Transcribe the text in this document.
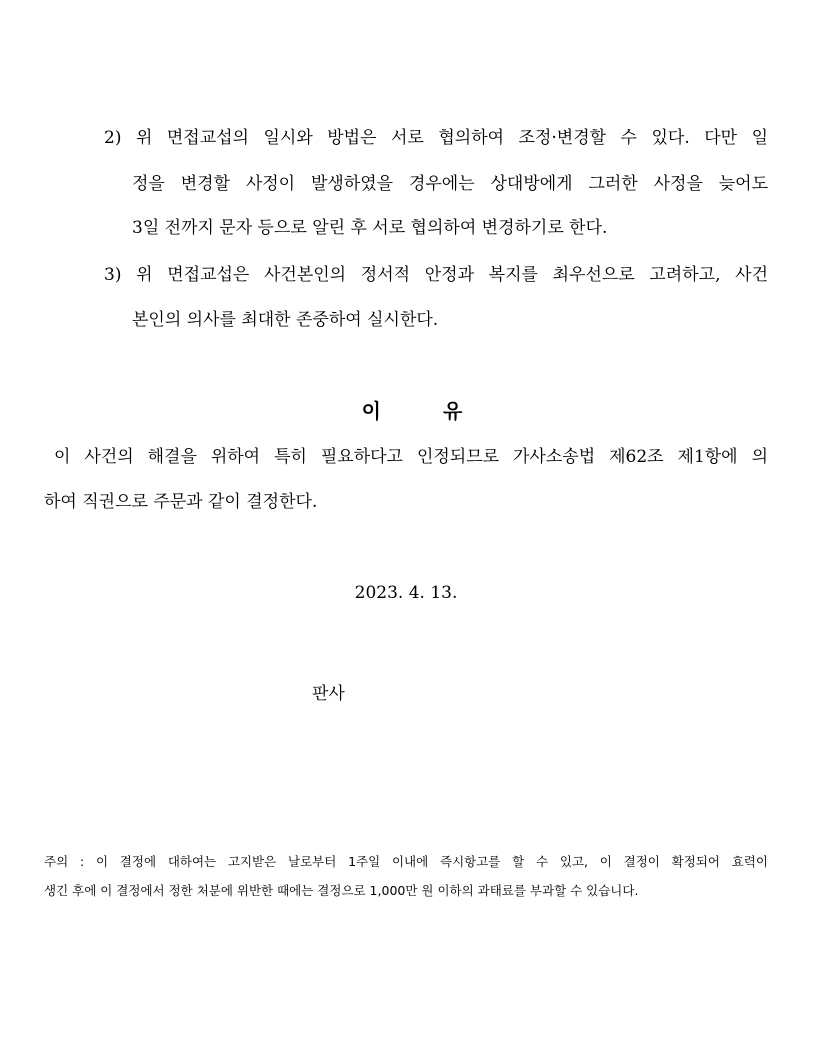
2) 위 면접교섭의 일시와 방법은 서로 협의하여 조정·변경할 수 있다. 다만 일
정을 변경할 사정이 발생하였을 경우에는 상대방에게 그러한 사정을 늦어도
3일 전까지 문자 등으로 알린 후 서로 협의하여 변경하기로 한다.
3) 위 면접교섭은 사건본인의 정서적 안정과 복지를 최우선으로 고려하고, 사건
본인의 의사를 최대한 존중하여 실시한다.
이	유
이 사건의 해결을 위하여 특히 필요하다고 인정되므로 가사소송법 제62조 제1항에 의
하여 직권으로 주문과 같이 결정한다.
2023. 4. 13.
판사
주의 : 이 결정에 대하여는 고지받은 날로부터 1주일 이내에 즉시항고를 할 수 있고, 이 결정이 확정되어 효력이
생긴 후에 이 결정에서 정한 처분에 위반한 때에는 결정으로 1,000만 원 이하의 과태료를 부과할 수 있습니다.
